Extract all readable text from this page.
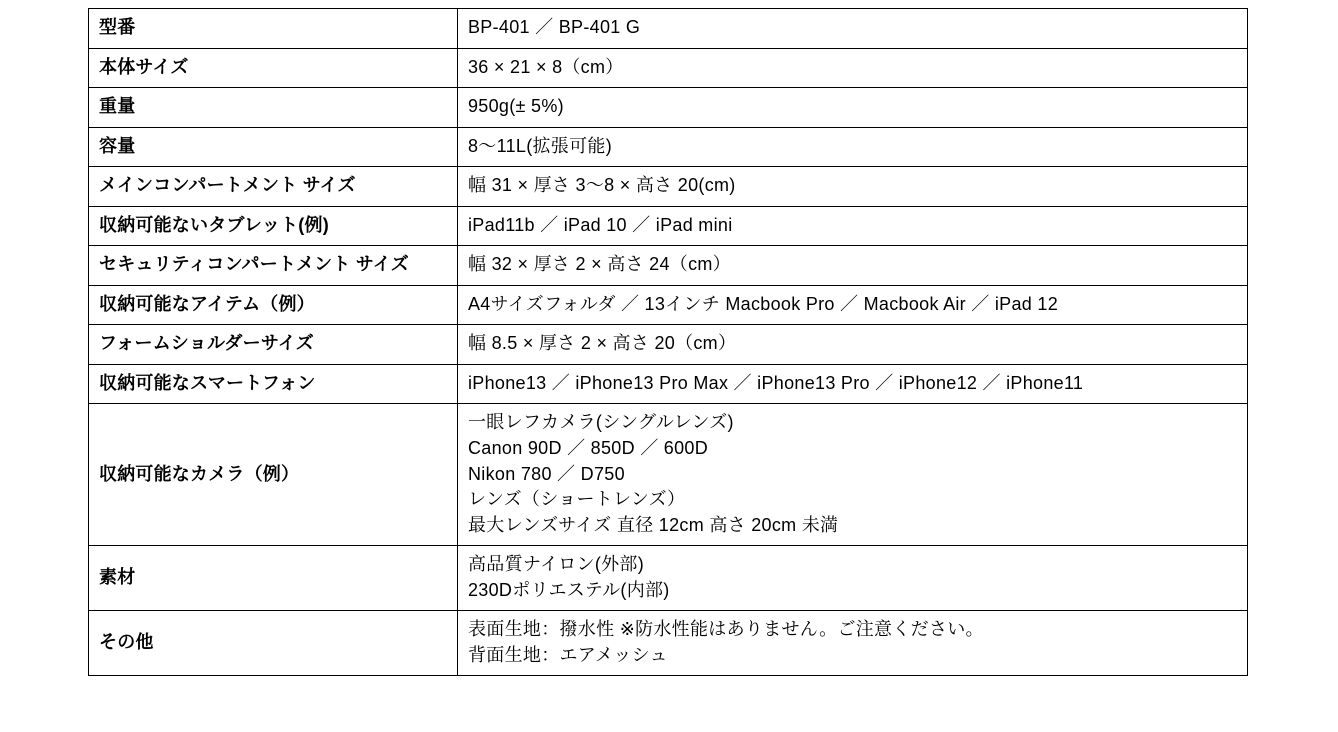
型番	BP-401 ／ BP-401 G

本体サイズ	36 × 21 × 8（cm）

重量	950g(± 5%)

容量	8〜11L(拡張可能)

メインコンパートメント サイズ	幅 31 × 厚さ 3〜8 × 高さ 20(cm)

収納可能ないタブレット(例)	iPad11b ／ iPad 10 ／ iPad mini

セキュリティコンパートメント サイズ	幅 32 × 厚さ 2 × 高さ 24（cm）

収納可能なアイテム（例）	A4サイズフォルダ ／ 13インチ Macbook Pro ／ Macbook Air ／ iPad 12

フォームショルダーサイズ	幅 8.5 × 厚さ 2 × 高さ 20（cm）

収納可能なスマートフォン	iPhone13 ／ iPhone13 Pro Max ／ iPhone13 Pro ／ iPhone12 ／ iPhone11

収納可能なカメラ（例）	一眼レフカメラ(シングルレンズ)
Canon 90D ／ 850D ／ 600D
Nikon 780 ／ D750
レンズ（ショートレンズ）
最大レンズサイズ 直径 12cm 高さ 20cm 未満

素材	高品質ナイロン(外部)
230Dポリエステル(内部)

その他	表面生地：撥水性 ※防水性能はありません。ご注意ください。
背面生地：エアメッシュ
